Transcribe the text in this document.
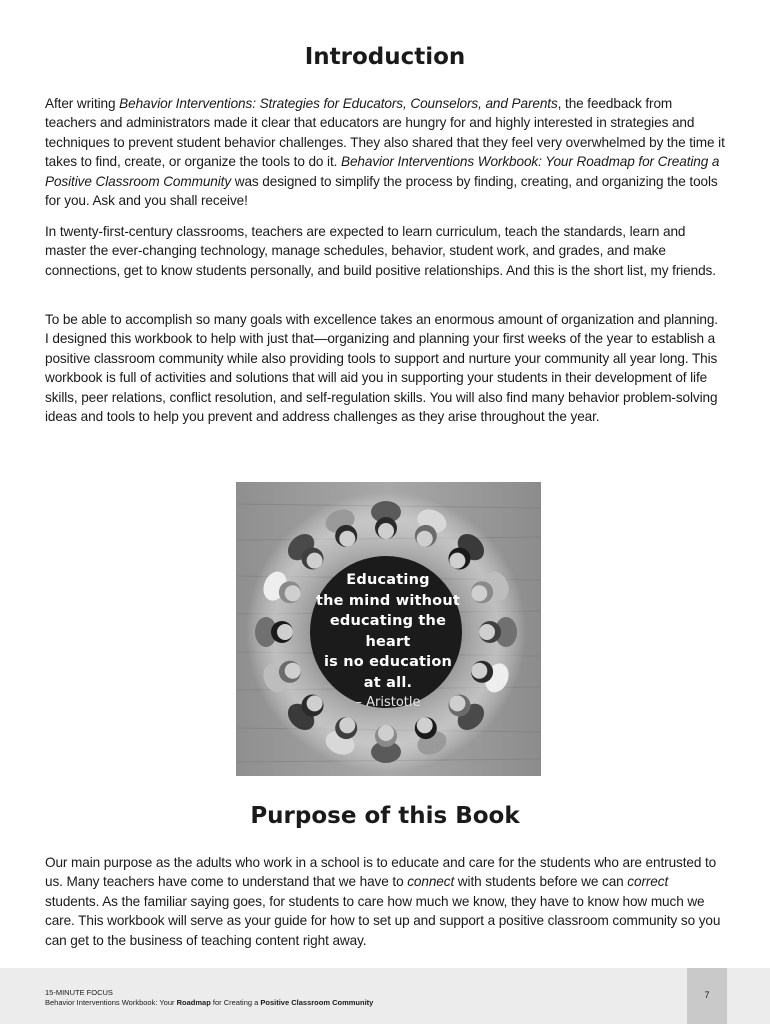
Introduction

After writing Behavior Interventions: Strategies for Educators, Counselors, and Parents, the feedback from teachers and administrators made it clear that educators are hungry for and highly interested in strategies and techniques to prevent student behavior challenges. They also shared that they feel very overwhelmed by the time it takes to find, create, or organize the tools to do it. Behavior Interventions Workbook: Your Roadmap for Creating a Positive Classroom Community was designed to simplify the process by finding, creating, and organizing the tools for you. Ask and you shall receive!

In twenty-first-century classrooms, teachers are expected to learn curriculum, teach the standards, learn and master the ever-changing technology, manage schedules, behavior, student work, and grades, and make connections, get to know students personally, and build positive relationships. And this is the short list, my friends.

To be able to accomplish so many goals with excellence takes an enormous amount of organization and planning. I designed this workbook to help with just that—organizing and planning your first weeks of the year to establish a positive classroom community while also providing tools to support and nurture your community all year long. This workbook is full of activities and solutions that will aid you in supporting your students in their development of life skills, peer relations, conflict resolution, and self-regulation skills. You will also find many behavior problem-solving ideas and tools to help you prevent and address challenges as they arise throughout the year.

Educating
the mind without
educating the heart
is no education
at all.
– Aristotle
Purpose of this Book

Our main purpose as the adults who work in a school is to educate and care for the students who are entrusted to us. Many teachers have come to understand that we have to connect with students before we can correct students. As the familiar saying goes, for students to care how much we know, they have to know how much we care. This workbook will serve as your guide for how to set up and support a positive classroom community so you can get to the business of teaching content right away.

15-MINUTE FOCUS
Behavior Interventions Workbook: Your Roadmap for Creating a Positive Classroom Community
7
